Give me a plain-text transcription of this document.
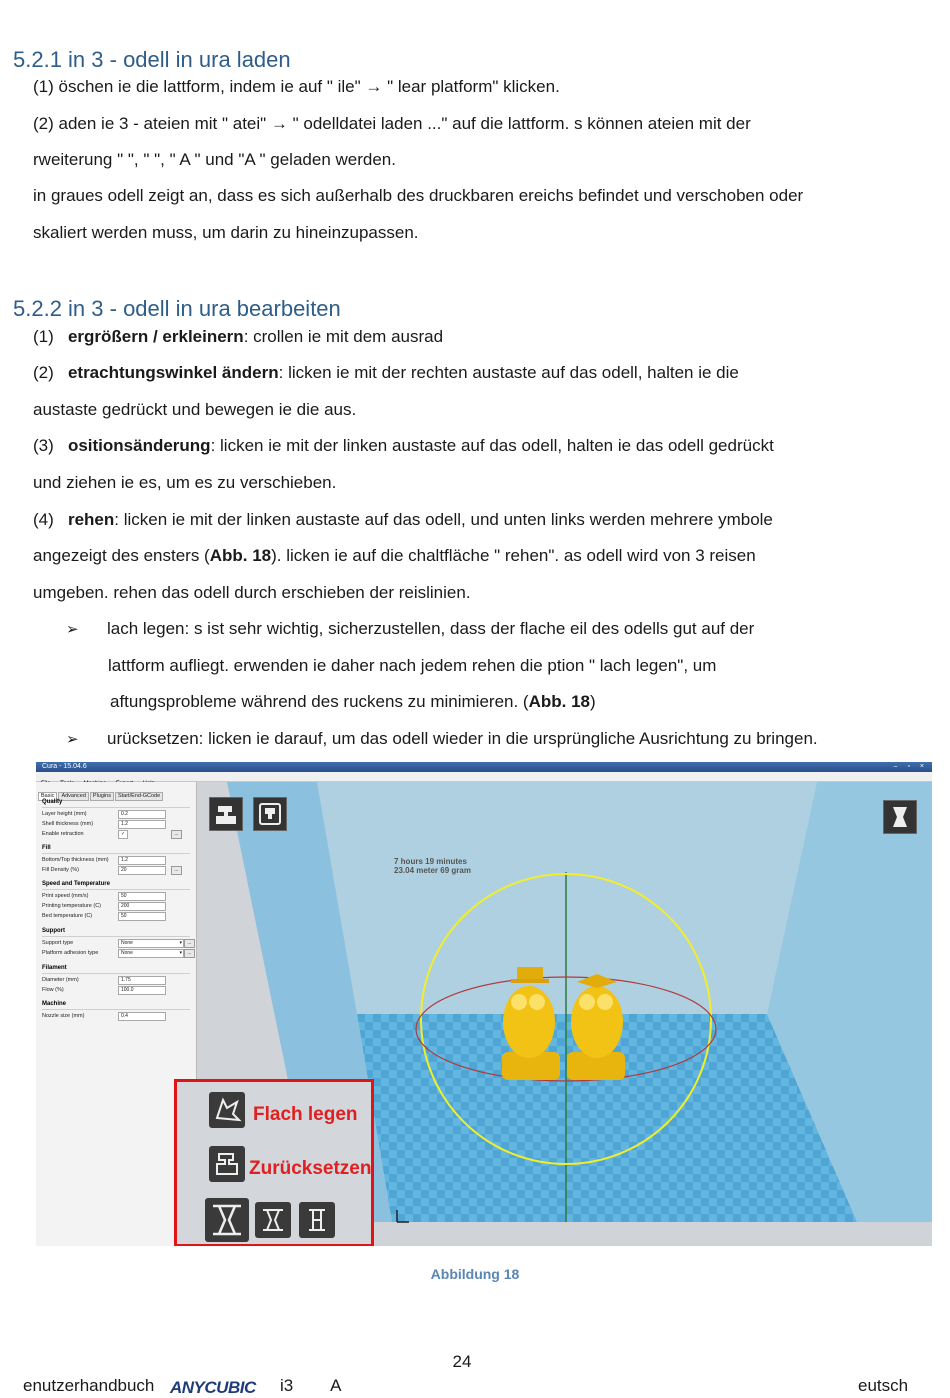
5.2.1 in 3 - odell in ura laden
(1) öschen ie die lattform, indem ie auf " ile" → " lear platform" klicken.
(2) aden ie 3 - ateien mit " atei" → " odelldatei laden ..." auf die lattform. s können ateien mit der
rweiterung " ", " ", " A " und "A " geladen werden.
in graues odell zeigt an, dass es sich außerhalb des druckbaren ereichs befindet und verschoben oder
skaliert werden muss, um darin zu hineinzupassen.
5.2.2 in 3 - odell in ura bearbeiten
(1) ergrößern / erkleinern: crollen ie mit dem ausrad
(2) etrachtungswinkel ändern: licken ie mit der rechten austaste auf das odell, halten ie die
austaste gedrückt und bewegen ie die aus.
(3) ositionsänderung: licken ie mit der linken austaste auf das odell, halten ie das odell gedrückt
und ziehen ie es, um es zu verschieben.
(4) rehen: licken ie mit der linken austaste auf das odell, und unten links werden mehrere ymbole
angezeigt des ensters (Abb. 18). licken ie auf die chaltfläche " rehen". as odell wird von 3 reisen
umgeben. rehen das odell durch erschieben der reislinien.
➢ lach legen: s ist sehr wichtig, sicherzustellen, dass der flache eil des odells gut auf der
lattform aufliegt. erwenden ie daher nach jedem rehen die ption " lach legen", um
aftungsprobleme während des ruckens zu minimieren. (Abb. 18)
➢ urücksetzen: licken ie darauf, um das odell wieder in die ursprüngliche Ausrichtung zu bringen.
Cura - 15.04.6	– ▫ ×
Basic Advanced Plugins Start/End-GCode
Quality
Layer height (mm)	0.2
Shell thickness (mm)	1.2
Enable retraction	✓	...
Fill
Bottom/Top thickness (mm)	1.2
Fill Density (%)	20	...
Speed and Temperature
Print speed (mm/s)	50
Printing temperature (C)	200
Bed temperature (C)	50
Support
Support type	None ▾	...
Platform adhesion type	None ▾	...
Filament
Diameter (mm)	1.75
Flow (%)	100.0
Machine
Nozzle size (mm)	0.4
7 hours 19 minutes
23.04 meter 69 gram
Flach legen
Zurücksetzen
Abbildung 18
24
enutzerhandbuch ANYCUBIC i3        A	eutsch
